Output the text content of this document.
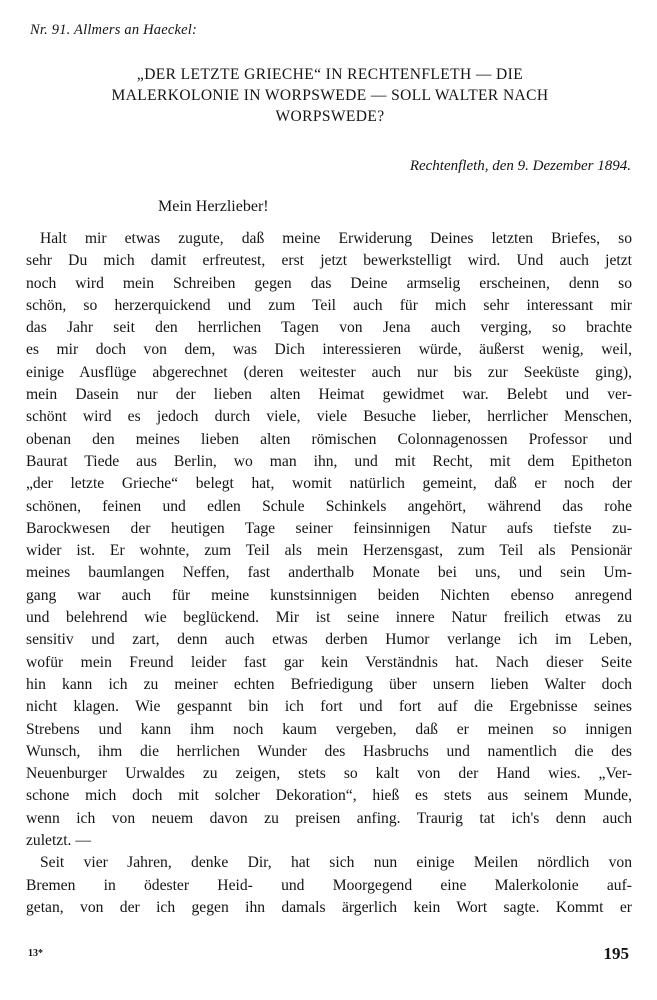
Nr. 91. Allmers an Haeckel:
„DER LETZTE GRIECHE“ IN RECHTENFLETH — DIE
MALERKOLONIE IN WORPSWEDE — SOLL WALTER NACH
WORPSWEDE?
Rechtenfleth, den 9. Dezember 1894.
Mein Herzlieber!
Halt mir etwas zugute, daß meine Erwiderung Deines letzten Briefes, so
sehr Du mich damit erfreutest, erst jetzt bewerkstelligt wird. Und auch jetzt
noch wird mein Schreiben gegen das Deine armselig erscheinen, denn so
schön, so herzerquickend und zum Teil auch für mich sehr interessant mir
das Jahr seit den herrlichen Tagen von Jena auch verging, so brachte
es mir doch von dem, was Dich interessieren würde, äußerst wenig, weil,
einige Ausflüge abgerechnet (deren weitester auch nur bis zur Seeküste ging),
mein Dasein nur der lieben alten Heimat gewidmet war. Belebt und ver-
schönt wird es jedoch durch viele, viele Besuche lieber, herrlicher Menschen,
obenan den meines lieben alten römischen Colonnagenossen Professor und
Baurat Tiede aus Berlin, wo man ihn, und mit Recht, mit dem Epitheton
„der letzte Grieche“ belegt hat, womit natürlich gemeint, daß er noch der
schönen, feinen und edlen Schule Schinkels angehört, während das rohe
Barockwesen der heutigen Tage seiner feinsinnigen Natur aufs tiefste zu-
wider ist. Er wohnte, zum Teil als mein Herzensgast, zum Teil als Pensionär
meines baumlangen Neffen, fast anderthalb Monate bei uns, und sein Um-
gang war auch für meine kunstsinnigen beiden Nichten ebenso anregend
und belehrend wie beglückend. Mir ist seine innere Natur freilich etwas zu
sensitiv und zart, denn auch etwas derben Humor verlange ich im Leben,
wofür mein Freund leider fast gar kein Verständnis hat. Nach dieser Seite
hin kann ich zu meiner echten Befriedigung über unsern lieben Walter doch
nicht klagen. Wie gespannt bin ich fort und fort auf die Ergebnisse seines
Strebens und kann ihm noch kaum vergeben, daß er meinen so innigen
Wunsch, ihm die herrlichen Wunder des Hasbruchs und namentlich die des
Neuenburger Urwaldes zu zeigen, stets so kalt von der Hand wies. „Ver-
schone mich doch mit solcher Dekoration“, hieß es stets aus seinem Munde,
wenn ich von neuem davon zu preisen anfing. Traurig tat ich's denn auch
zuletzt. —
Seit vier Jahren, denke Dir, hat sich nun einige Meilen nördlich von
Bremen in ödester Heid- und Moorgegend eine Malerkolonie auf-
getan, von der ich gegen ihn damals ärgerlich kein Wort sagte. Kommt er
13*	195
